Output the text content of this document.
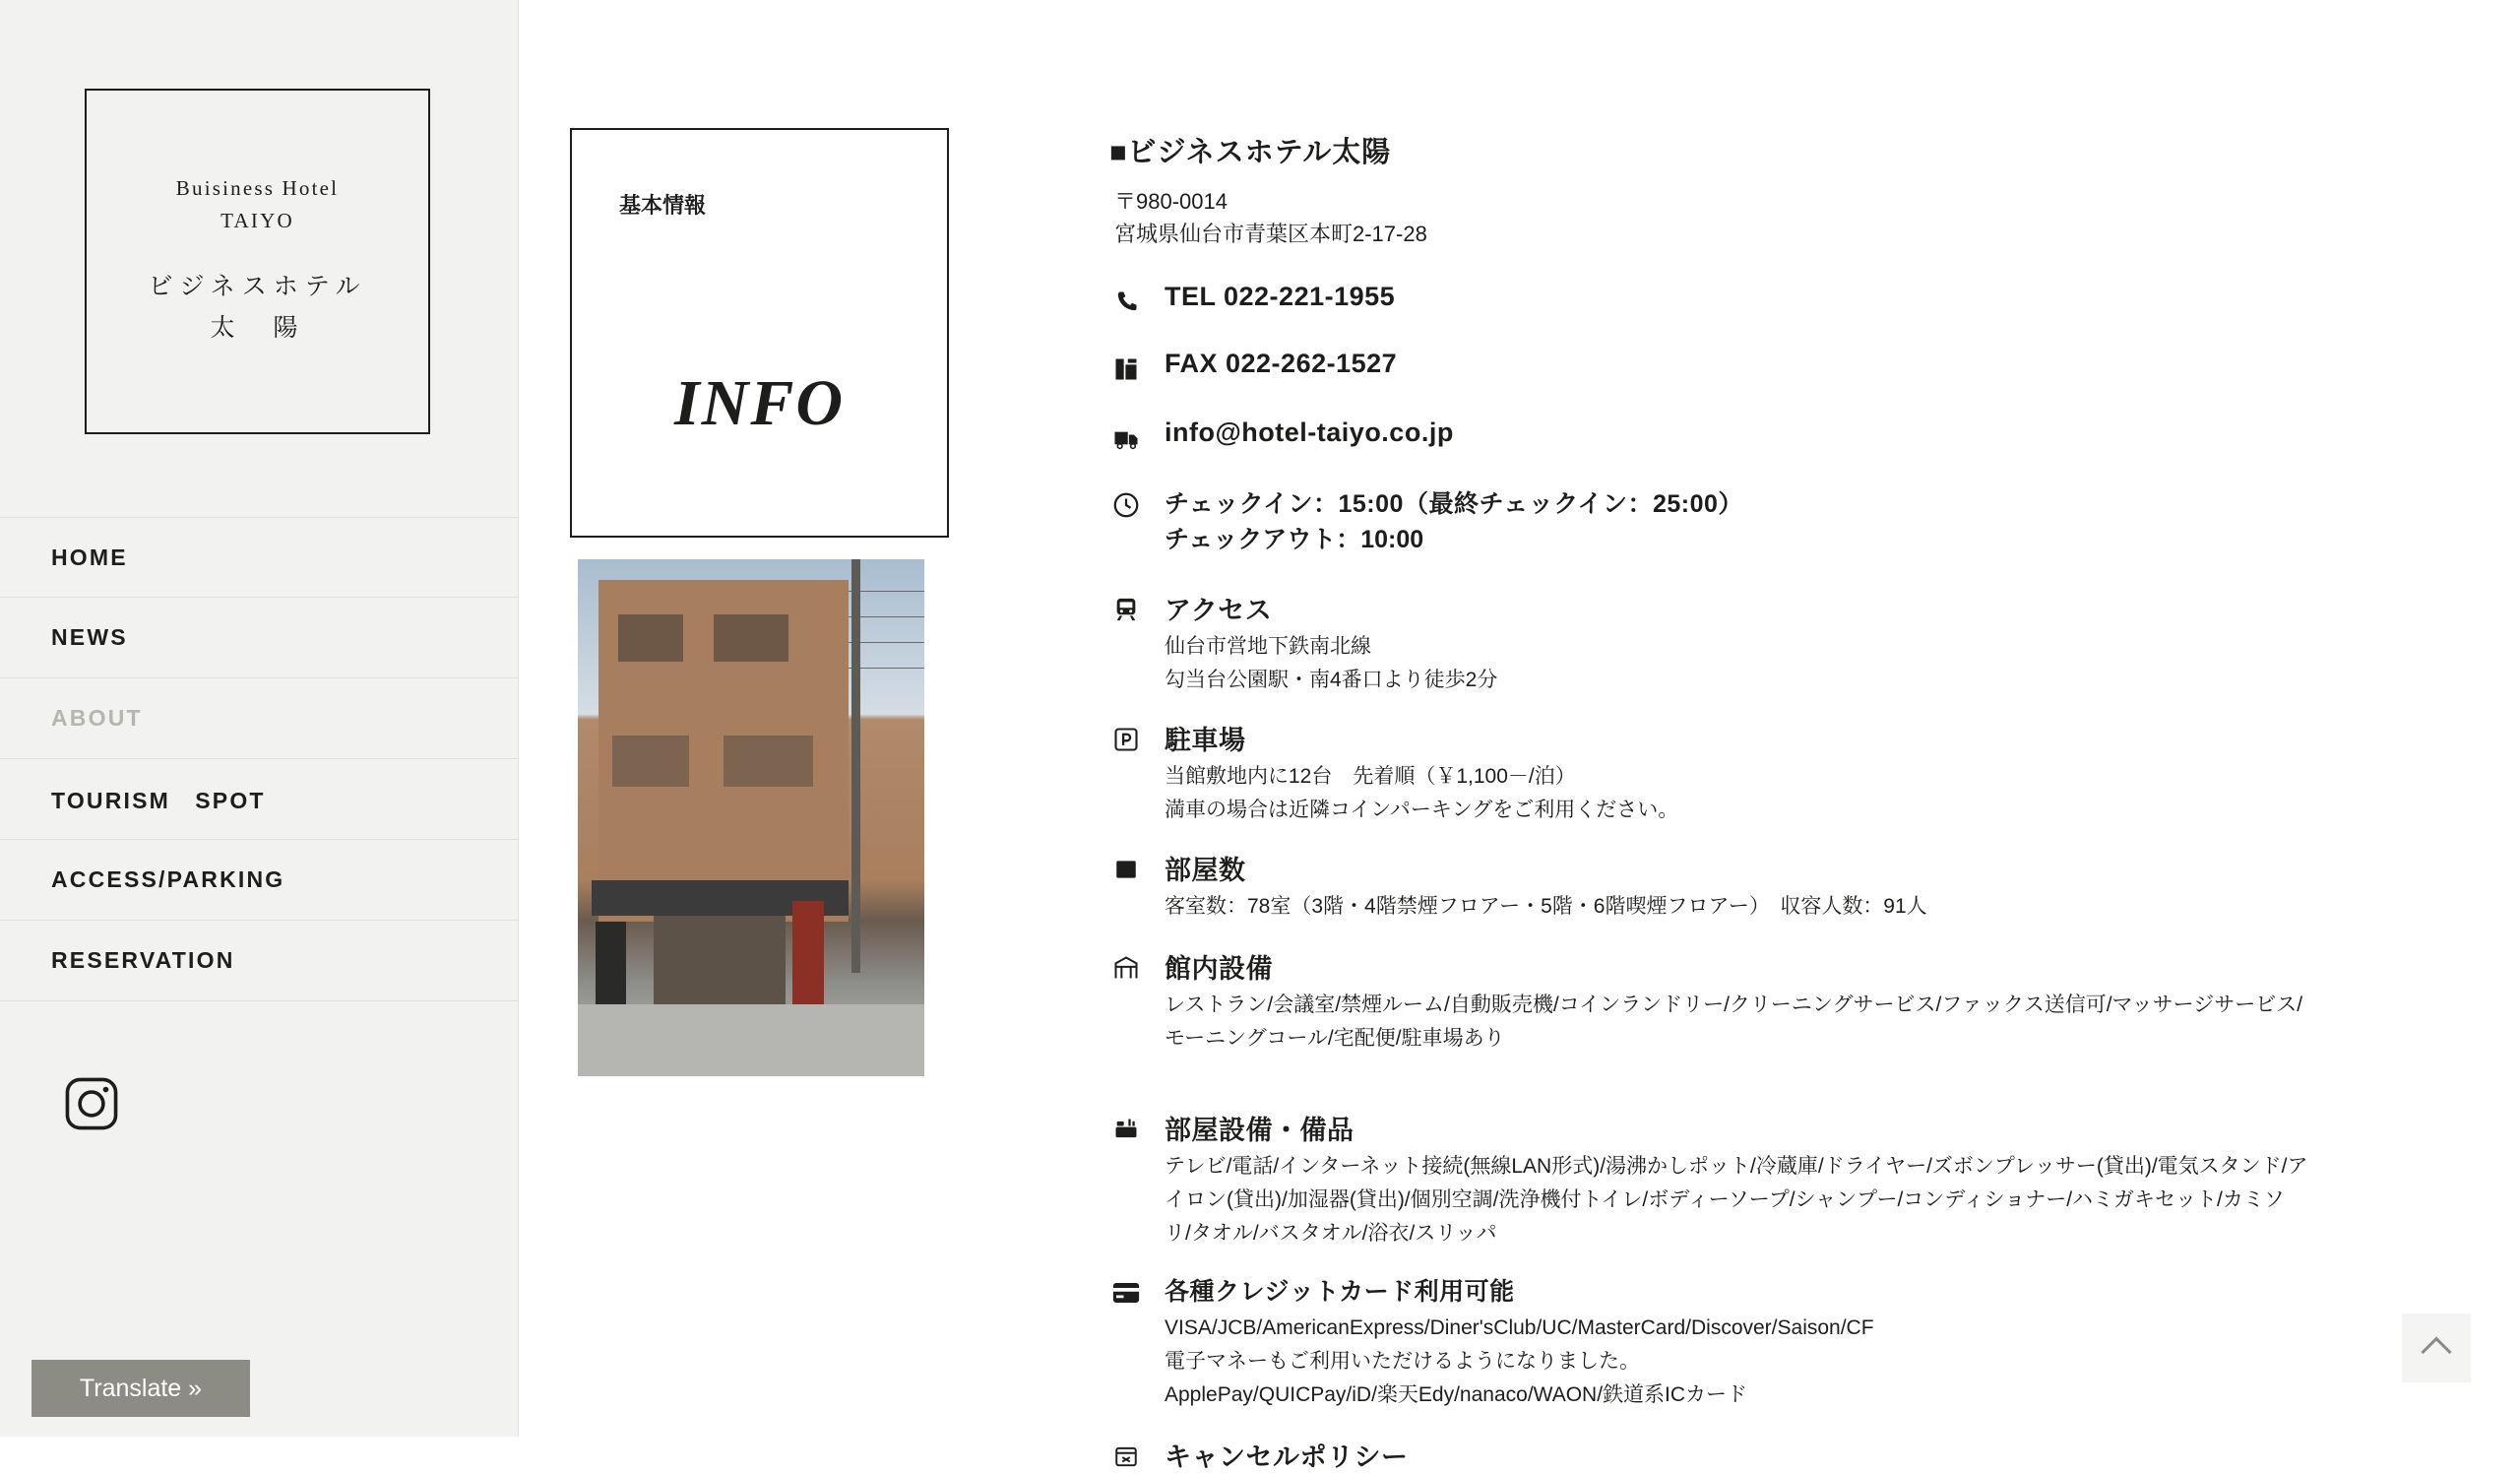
Buisiness Hotel
TAIYO
ビジネスホテル
太　陽
HOME
NEWS
ABOUT
TOURISM　SPOT
ACCESS/PARKING
RESERVATION
Translate »
基本情報
INFO
■ビジネスホテル太陽
〒980-0014
宮城県仙台市青葉区本町2-17-28
TEL 022-221-1955
FAX 022-262-1527
info@hotel-taiyo.co.jp
チェックイン：15:00（最終チェックイン：25:00）
チェックアウト：10:00
アクセス
仙台市営地下鉄南北線
勾当台公園駅・南4番口より徒歩2分
駐車場
当館敷地内に12台　先着順（￥1,100－/泊）
満車の場合は近隣コインパーキングをご利用ください。
部屋数
客室数：78室（3階・4階禁煙フロアー・5階・6階喫煙フロアー）　収容人数：91人
館内設備
レストラン/会議室/禁煙ルーム/自動販売機/コインランドリー/クリーニングサービス/ファックス送信可/マッサージサービス/
モーニングコール/宅配便/駐車場あり
部屋設備・備品
テレビ/電話/インターネット接続(無線LAN形式)/湯沸かしポット/冷蔵庫/ドライヤー/ズボンプレッサー(貸出)/電気スタンド/ア
イロン(貸出)/加湿器(貸出)/個別空調/洗浄機付トイレ/ボディーソープ/シャンプー/コンディショナー/ハミガキセット/カミソ
リ/タオル/バスタオル/浴衣/スリッパ
各種クレジットカード利用可能
VISA/JCB/AmericanExpress/Diner'sClub/UC/MasterCard/Discover/Saison/CF
電子マネーもご利用いただけるようになりました。
ApplePay/QUICPay/iD/楽天Edy/nanaco/WAON/鉄道系ICカード
キャンセルポリシー
